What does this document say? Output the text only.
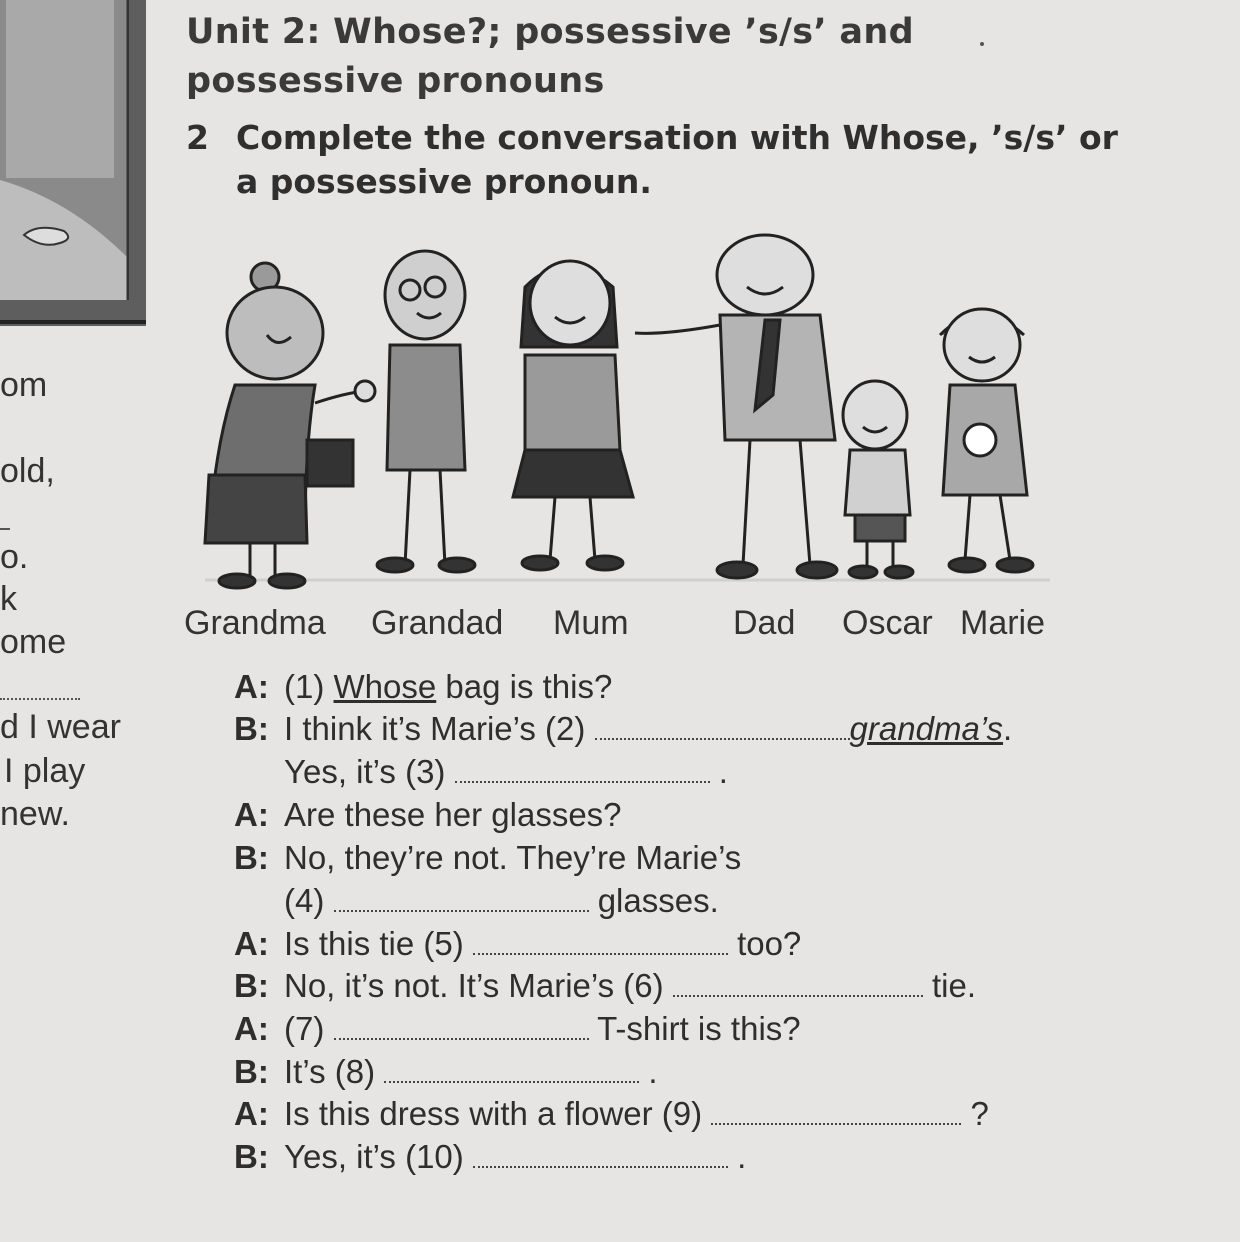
om
old,
o.
k
ome
d I wear
I play
new.
Unit 2: Whose?; possessive ’s/s’ and
possessive pronouns
2 Complete the conversation with Whose, ’s/s’ or
a possessive pronoun.
Grandma Grandad Mum	Dad Oscar Marie
A: (1) Whose bag is this?
B: I think it’s Marie’s (2)	grandma’s.
Yes, it’s (3)	.
A: Are these her glasses?
B: No, they’re not. They’re Marie’s
(4)	glasses.
A: Is this tie (5)	too?
B: No, it’s not. It’s Marie’s (6)	tie.
A: (7)	T-shirt is this?
B: It’s (8)	.
A: Is this dress with a flower (9)	?
B: Yes, it’s (10)	.
